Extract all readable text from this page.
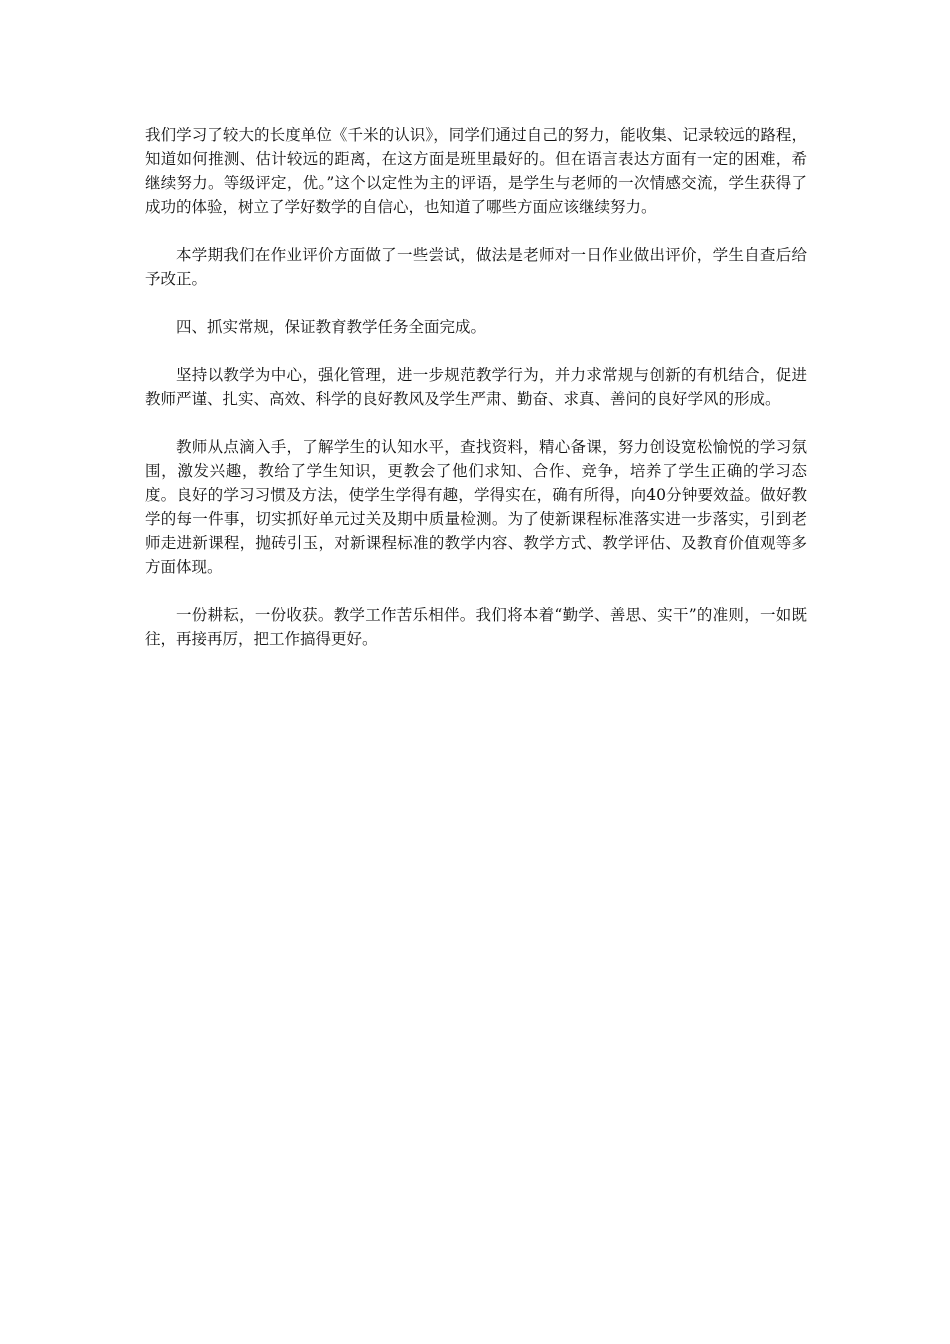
我们学习了较大的长度单位《千米的认识》，同学们通过自己的努力，能收集、记录较远的路程，知道如何推测、估计较远的距离，在这方面是班里最好的。但在语言表达方面有一定的困难，希继续努力。等级评定，优。”这个以定性为主的评语，是学生与老师的一次情感交流，学生获得了成功的体验，树立了学好数学的自信心，也知道了哪些方面应该继续努力。

本学期我们在作业评价方面做了一些尝试，做法是老师对一日作业做出评价，学生自查后给予改正。

四、抓实常规，保证教育教学任务全面完成。

坚持以教学为中心，强化管理，进一步规范教学行为，并力求常规与创新的有机结合，促进教师严谨、扎实、高效、科学的良好教风及学生严肃、勤奋、求真、善问的良好学风的形成。

教师从点滴入手，了解学生的认知水平，查找资料，精心备课，努力创设宽松愉悦的学习氛围，激发兴趣，教给了学生知识，更教会了他们求知、合作、竞争，培养了学生正确的学习态度。良好的学习习惯及方法，使学生学得有趣，学得实在，确有所得，向40分钟要效益。做好教学的每一件事，切实抓好单元过关及期中质量检测。为了使新课程标准落实进一步落实，引到老师走进新课程，抛砖引玉，对新课程标准的教学内容、教学方式、教学评估、及教育价值观等多方面体现。

一份耕耘，一份收获。教学工作苦乐相伴。我们将本着“勤学、善思、实干”的准则，一如既往，再接再厉，把工作搞得更好。
